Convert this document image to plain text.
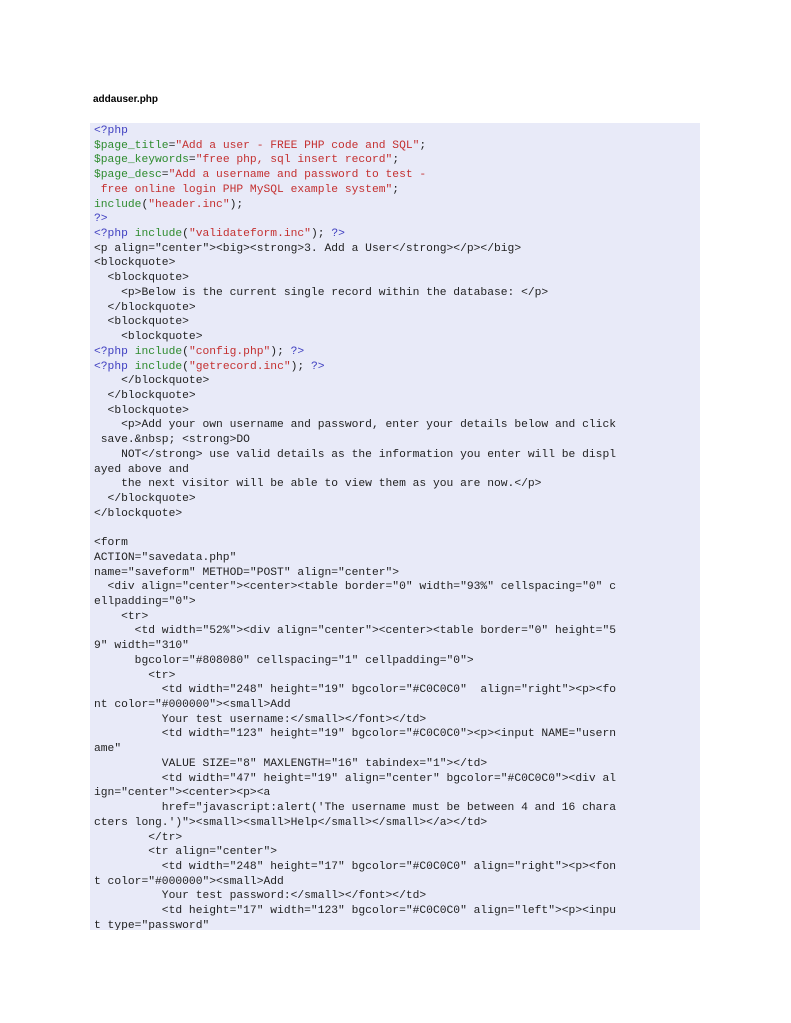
addauser.php
<?php
$page_title="Add a user - FREE PHP code and SQL";
$page_keywords="free php, sql insert record";
$page_desc="Add a username and password to test -
free online login PHP MySQL example system";
include("header.inc");
?>
<?php include("validateform.inc"); ?>
<p align="center"><big><strong>3. Add a User</strong></p></big>
<blockquote>
<blockquote>
<p>Below is the current single record within the database: </p>
</blockquote>
<blockquote>
<blockquote>
<?php include("config.php"); ?>
<?php include("getrecord.inc"); ?>
</blockquote>
</blockquote>
<blockquote>
<p>Add your own username and password, enter your details below and click
save.&nbsp; <strong>DO
NOT</strong> use valid details as the information you enter will be displ
ayed above and
the next visitor will be able to view them as you are now.</p>
</blockquote>
</blockquote>
<form
ACTION="savedata.php"
name="saveform" METHOD="POST" align="center">
<div align="center"><center><table border="0" width="93%" cellspacing="0" c
ellpadding="0">
<tr>
<td width="52%"><div align="center"><center><table border="0" height="5
9" width="310"
bgcolor="#808080" cellspacing="1" cellpadding="0">
<tr>
<td width="248" height="19" bgcolor="#C0C0C0"  align="right"><p><fo
nt color="#000000"><small>Add
Your test username:</small></font></td>
<td width="123" height="19" bgcolor="#C0C0C0"><p><input NAME="usern
ame"
VALUE SIZE="8" MAXLENGTH="16" tabindex="1"></td>
<td width="47" height="19" align="center" bgcolor="#C0C0C0"><div al
ign="center"><center><p><a
href="javascript:alert('The username must be between 4 and 16 chara
cters long.')"><small><small>Help</small></small></a></td>
</tr>
<tr align="center">
<td width="248" height="17" bgcolor="#C0C0C0" align="right"><p><fon
t color="#000000"><small>Add
Your test password:</small></font></td>
<td height="17" width="123" bgcolor="#C0C0C0" align="left"><p><inpu
t type="password"
